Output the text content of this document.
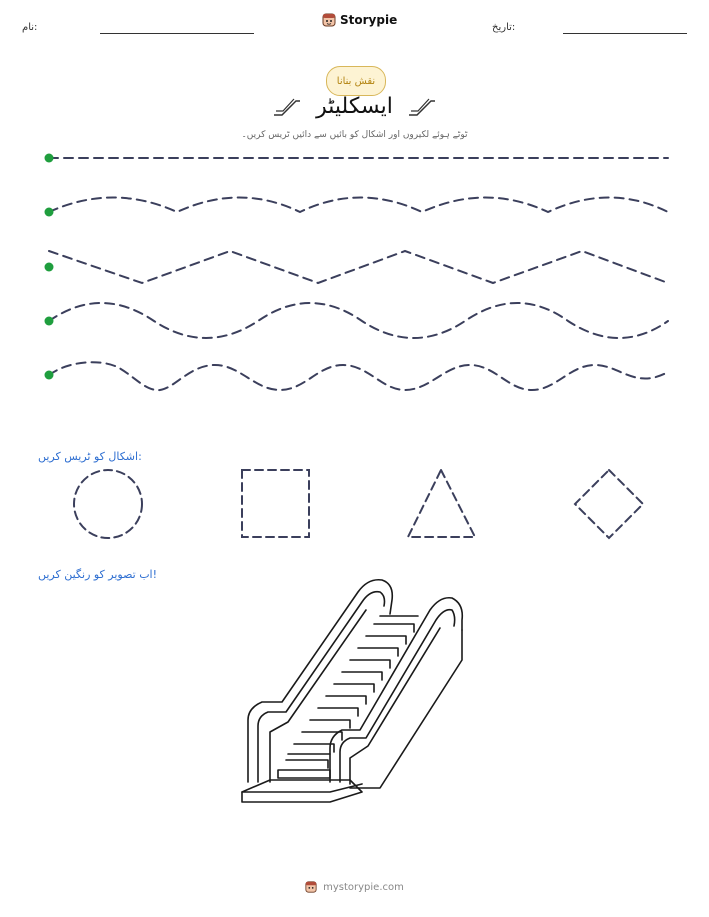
نام:
Storypie
تاریخ:
نقش بنانا
ایسکلیٹر
ٹوٹے ہوئے لکیروں اور اشکال کو بائیں سے دائیں ٹریس کریں۔
اشکال کو ٹریس کریں:
اب تصویر کو رنگین کریں!
mystorypie.com
